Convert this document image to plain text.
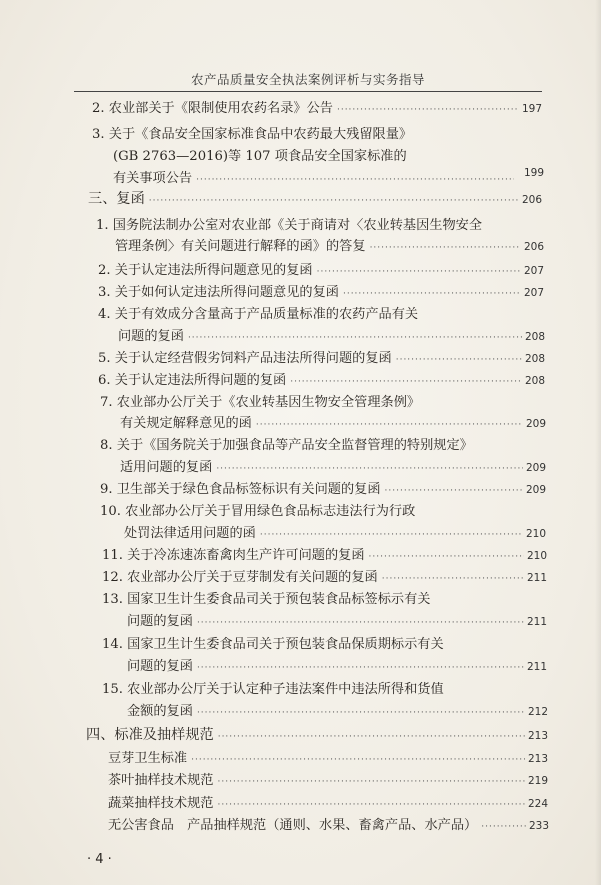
农产品质量安全执法案例评析与实务指导
2. 农业部关于《限制使用农药名录》公告 ·····	197
3. 关于《食品安全国家标准食品中农药最大残留限量》
(GB 2763—2016)等 107 项食品安全国家标准的
有关事项公告 ·····	199
三、复函 ·····	206
1. 国务院法制办公室对农业部《关于商请对〈农业转基因生物安全
管理条例〉有关问题进行解释的函》的答复 ·····	206
2. 关于认定违法所得问题意见的复函 ·····	207
3. 关于如何认定违法所得问题意见的复函 ·····	207
4. 关于有效成分含量高于产品质量标准的农药产品有关
问题的复函 ·····	208
5. 关于认定经营假劣饲料产品违法所得问题的复函 ·····	208
6. 关于认定违法所得问题的复函 ·····	208
7. 农业部办公厅关于《农业转基因生物安全管理条例》
有关规定解释意见的函 ·····	209
8. 关于《国务院关于加强食品等产品安全监督管理的特别规定》
适用问题的复函 ·····	209
9. 卫生部关于绿色食品标签标识有关问题的复函 ·····	209
10. 农业部办公厅关于冒用绿色食品标志违法行为行政
处罚法律适用问题的函 ·····	210
11. 关于冷冻速冻畜禽肉生产许可问题的复函 ·····	210
12. 农业部办公厅关于豆芽制发有关问题的复函 ·····	211
13. 国家卫生计生委食品司关于预包装食品标签标示有关
问题的复函 ·····	211
14. 国家卫生计生委食品司关于预包装食品保质期标示有关
问题的复函 ·····	211
15. 农业部办公厅关于认定种子违法案件中违法所得和货值
金额的复函 ·····	212
四、标准及抽样规范 ·····	213
豆芽卫生标准 ·····	213
茶叶抽样技术规范 ·····	219
蔬菜抽样技术规范 ·····	224
无公害食品　产品抽样规范（通则、水果、畜禽产品、水产品） ·····	233
· 4 ·
